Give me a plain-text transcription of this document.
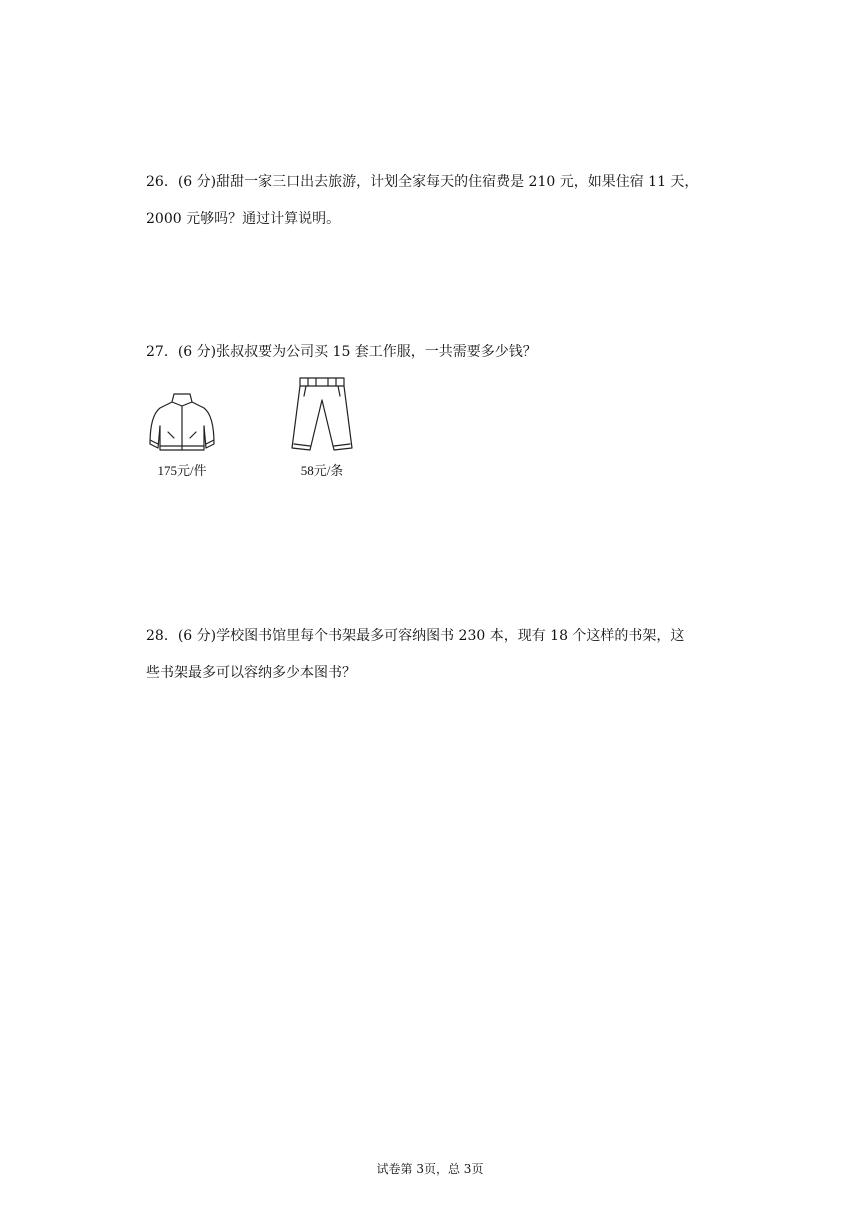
26．(6 分)甜甜一家三口出去旅游，计划全家每天的住宿费是 210 元，如果住宿 11 天，

2000 元够吗？通过计算说明。

27．(6 分)张叔叔要为公司买 15 套工作服，一共需要多少钱？

175元/件	58元/条

28．(6 分)学校图书馆里每个书架最多可容纳图书 230 本，现有 18 个这样的书架，这

些书架最多可以容纳多少本图书？

试卷第 3页，总 3页
